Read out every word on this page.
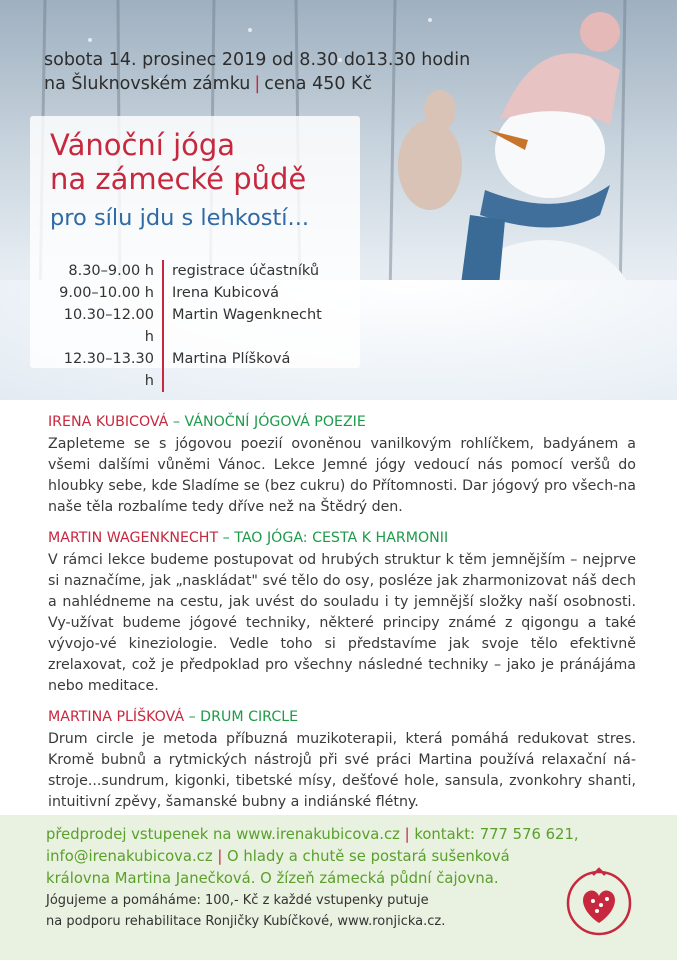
sobota 14. prosinec 2019 od 8.30 do13.30 hodin
na Šluknovském zámku | cena 450 Kč
Vánoční jóga
na zámecké půdě
pro sílu jdu s lehkostí...
8.30–9.00 h	registrace účastníků
9.00–10.00 h	Irena Kubicová
10.30–12.00 h
Martin Wagenknecht
12.30–13.30 h
Martina Plíšková

IRENA KUBICOVÁ – VÁNOČNÍ JÓGOVÁ POEZIE

Zapleteme se s jógovou poezií ovoněnou vanilkovým rohlíčkem, badyánem a všemi dalšími vůněmi Vánoc. Lekce Jemné jógy vedoucí nás pomocí veršů do hloubky sebe, kde Sladíme se (bez cukru) do Přítomnosti. Dar jógový pro všech-na naše těla rozbalíme tedy dříve než na Štědrý den.

MARTIN WAGENKNECHT – TAO JÓGA: CESTA K HARMONII

V rámci lekce budeme postupovat od hrubých struktur k těm jemnějším – nejprve si naznačíme, jak „naskládat" své tělo do osy, posléze jak zharmonizovat náš dech a nahlédneme na cestu, jak uvést do souladu i ty jemnější složky naší osobnosti. Vy-užívat budeme jógové techniky, některé principy známé z qigongu a také vývojo-vé kineziologie. Vedle toho si představíme jak svoje tělo efektivně zrelaxovat, což je předpoklad pro všechny následné techniky – jako je pránájáma nebo meditace.

MARTINA PLÍŠKOVÁ – DRUM CIRCLE

Drum circle je metoda příbuzná muzikoterapii, která pomáhá redukovat stres. Kromě bubnů a rytmických nástrojů při své práci Martina používá relaxační ná-stroje...sundrum, kigonki, tibetské mísy, dešťové hole, sansula, zvonkohry shanti, intuitivní zpěvy, šamanské bubny a indiánské flétny.

předprodej vstupenek na www.irenakubicova.cz | kontakt: 777 576 621,
info@irenakubicova.cz | O hlady a chutě se postará sušenková
královna Martina Janečková. O žízeň zámecká půdní čajovna.
Jógujeme a pomáháme: 100,- Kč z každé vstupenky putuje
na podporu rehabilitace Ronjičky Kubíčkové, www.ronjicka.cz.
